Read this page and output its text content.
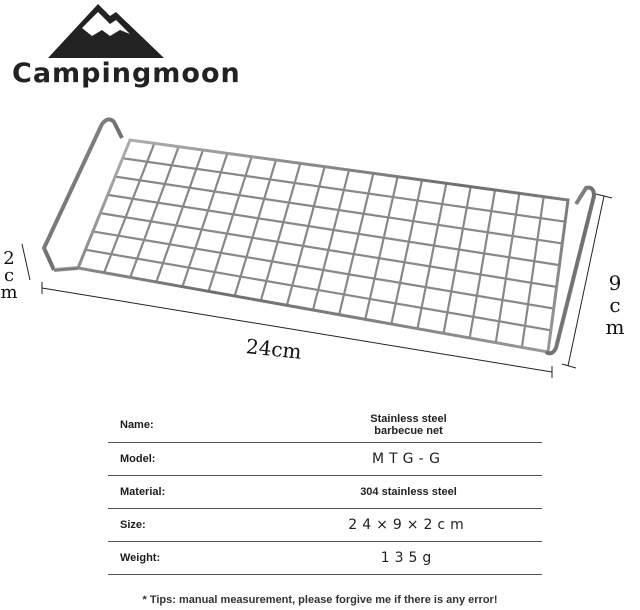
Campingmoon
24cm
9
c
m
2
c
m
Name:	Stainless steel
barbecue net

Model:	MTG-G
Material:	304 stainless steel
Size:	24×9×2cm
Weight:	135g
* Tips: manual measurement, please forgive me if there is any error!
